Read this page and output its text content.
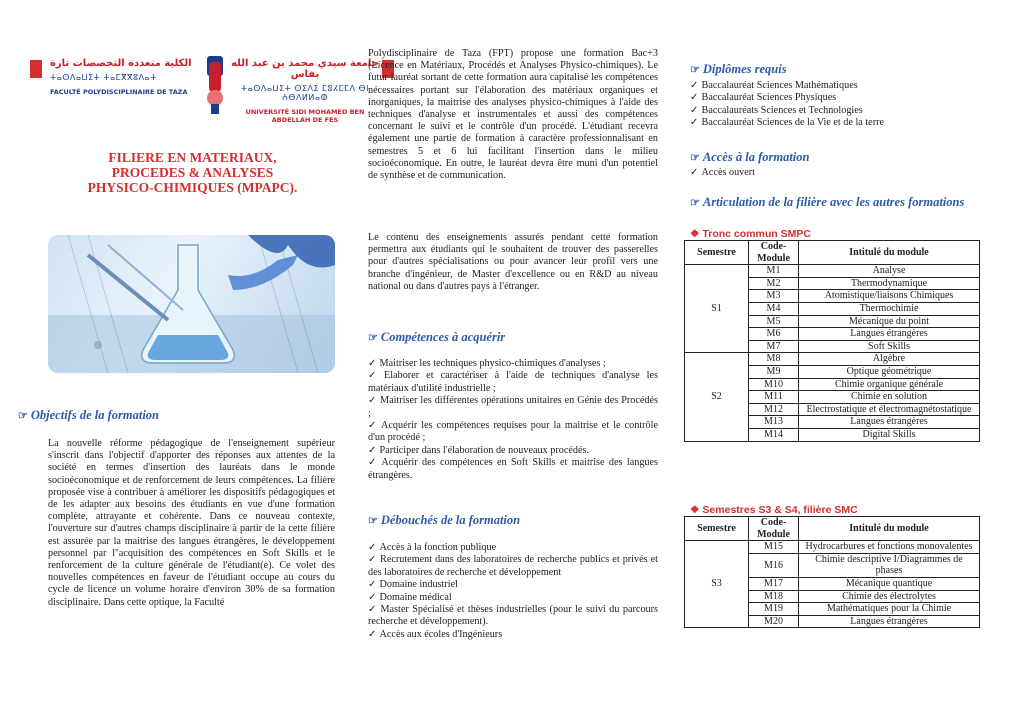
الكلية متعددة التخصصات تازة
ⵜⴰⵙⴷⴰⵡⵉⵜ ⵜⴰⵎⴳⴳⵓⴷⴰⵜ
FACULTÉ POLYDISCIPLINAIRE DE TAZA
جامعة سيدي محمد بن عبد الله بفاس
ⵜⴰⵙⴷⴰⵡⵉⵜ ⵙⵉⴷⵉ ⵎⵓⵃⵎⵎⴷ ⴱⵏ ⵄⴱⴷⵍⵍⴰⵀ
UNIVERSITÉ SIDI MOHAMED BEN ABDELLAH DE FES
FILIERE EN MATERIAUX,
PROCEDES & ANALYSES
PHYSICO-CHIMIQUES (MPAPC).
☞ Objectifs de la formation

La nouvelle réforme pédagogique de l'enseignement supérieur s'inscrit dans l'objectif d'apporter des réponses aux attentes de la société en termes d'insertion des lauréats dans le monde socioéconomique et de renforcement de leurs compétences. La filière proposée vise à contribuer à améliorer les dispositifs pédagogiques et de les adapter aux besoins des étudiants en vue d'une formation complète, attrayante et cohérente. Dans ce nouveau contexte, l'ouverture sur d'autres champs disciplinaire à partir de la cette filière est assurée par la maitrise des langues étrangères, le développement personnel par l''acquisition des compétences en Soft Skills et le renforcement de la culture générale de l'étudiant(e). Ce volet des nouvelles compétences en faveur de l'étudiant occupe au cours du cycle de licence un volume horaire d'environ 30% de sa formation disciplinaire. Dans cette optique, la Faculté

Polydisciplinaire de Taza (FPT) propose une formation Bac+3 (Licence en Matériaux, Procédés et Analyses Physico-chimiques). Le futur lauréat sortant de cette formation aura capitalisé les compétences nécessaires portant sur l'élaboration des matériaux organiques et inorganiques, la maitrise des analyses physico-chimiques à l'aide des techniques d'analyse et instrumentales et aussi des compétences concernant le suivi et le contrôle d'un procédé. L'étudiant recevra également une partie de formation à caractère professionnalisant en semestres 5 et 6 lui facilitant l'insertion dans le milieu socioéconomique. En outre, le lauréat devra être muni d'un potentiel de synthèse et de communication.

Le contenu des enseignements assurés pendant cette formation permettra aux étudiants qui le souhaitent de trouver des passerelles pour d'autres spécialisations ou pour avancer leur profil vers une branche d'ingénieur, de Master d'excellence ou en R&D au niveau national ou dans d'autres pays à l'étranger.

☞ Compétences à acquérir
✓ Maitriser les techniques physico-chimiques d'analyses ;
✓ Elaborer et caractériser à l'aide de techniques d'analyse les matériaux d'utilité industrielle ;
✓ Maitriser les différentes opérations unitaires en Génie des Procédés ;
✓ Acquérir les compétences requises pour la maitrise et le contrôle d'un procédé ;
✓ Participer dans l'élaboration de nouveaux procédés.
✓ Acquérir des compétences en Soft Skills et maitrise des langues étrangères.
☞ Débouchés de la formation
✓ Accès à la fonction publique
✓ Recrutement dans des laboratoires de recherche publics et privés et des laboratoires de recherche et développement
✓ Domaine industriel
✓ Domaine médical
✓ Master Spécialisé et thèses industrielles (pour le suivi du parcours recherche et développement).
✓ Accès aux écoles d'Ingénieurs
☞ Diplômes requis
✓ Baccalauréat Sciences Mathématiques
✓ Baccalauréat Sciences Physiques
✓ Baccalauréats Sciences et Technologies
✓ Baccalauréat Sciences de la Vie et de la terre
☞ Accès à la formation
✓ Accès ouvert
☞ Articulation de la filière avec les autres formations
❖ Tronc commun SMPC
Semestre	Code-Module	Intitulé du module
S1	M1	Analyse
	M2	Thermodynamique
	M3	Atomistique/liaisons Chimiques
	M4	Thermochimie
	M5	Mécanique du point
	M6	Langues étrangères
	M7	Soft Skills
S2	M8	Algèbre
	M9	Optique géométrique
	M10	Chimie organique générale
	M11	Chimie en solution
	M12	Electrostatique et électromagnétostatique
	M13	Langues étrangères
	M14	Digital Skills
❖ Semestres S3 & S4, filière SMC
Semestre	Code-Module	Intitulé du module
S3	M15	Hydrocarbures et fonctions monovalentes
	M16	Chimie descriptive I/Diagrammes de phases
	M17	Mécanique quantique
	M18	Chimie des électrolytes
	M19	Mathématiques pour la Chimie
	M20	Langues étrangères
